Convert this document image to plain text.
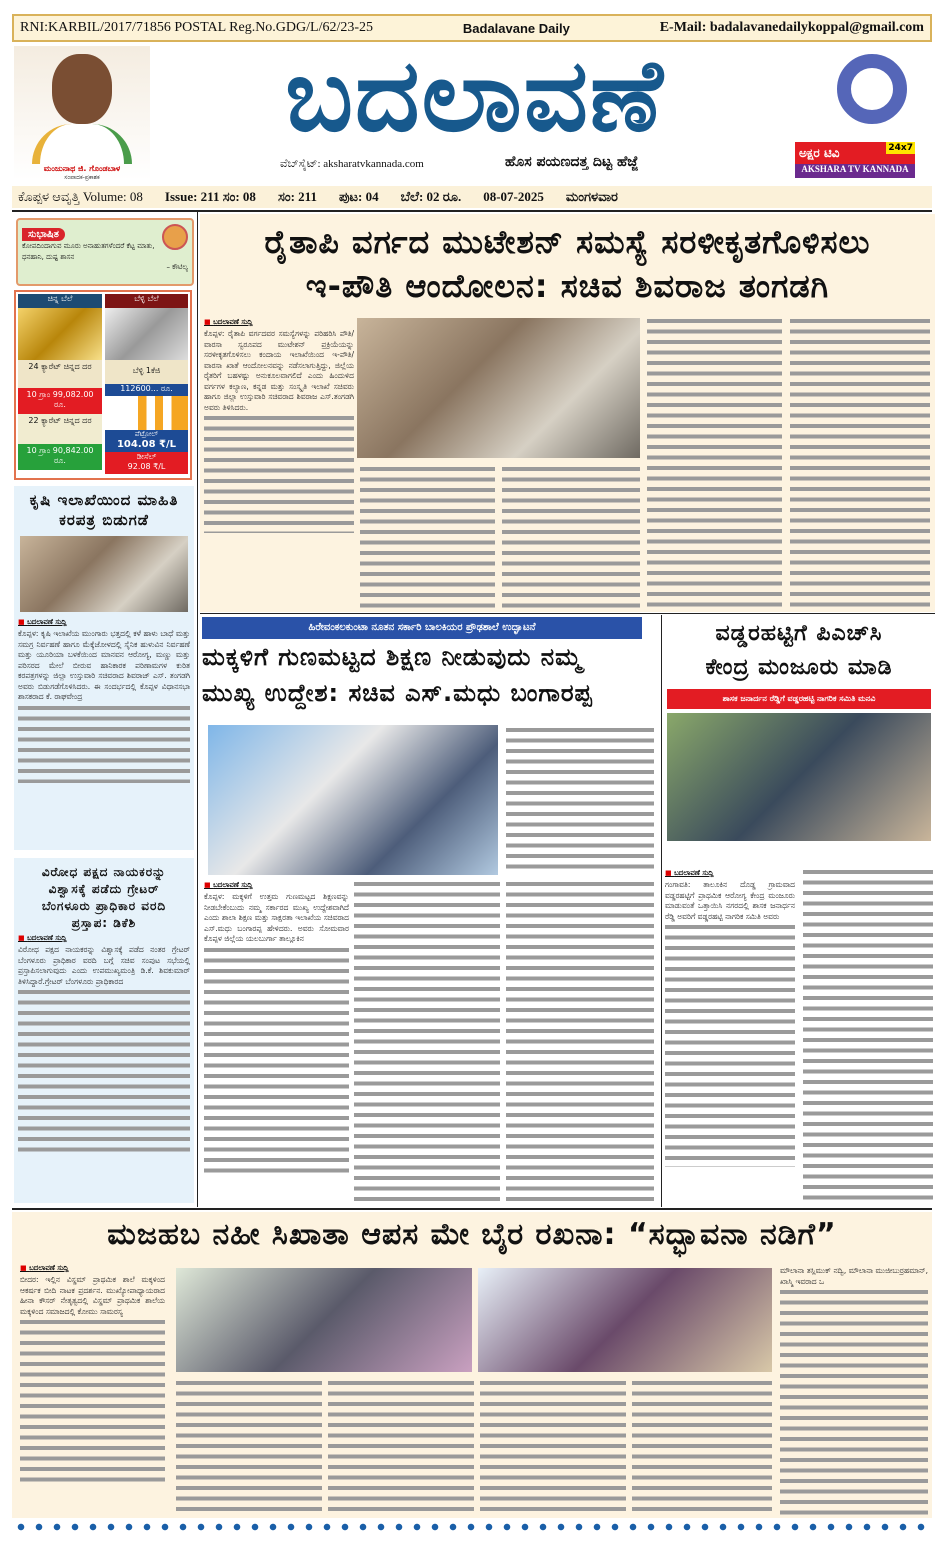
RNI:KARBIL/2017/71856 POSTAL Reg.No.GDG/L/62/23-25	Badalavane Daily	E-Mail: badalavanedailykoppal@gmail.com
ಮಂಜುನಾಥ ಜಿ. ಗೊಂಡಬಾಳ
ಸಂಪಾದಕ-ಪ್ರಕಾಶಕ
ಬದಲಾವಣೆ
ವೆಬ್‌ಸೈಟ್: aksharatvkannada.com	ಹೊಸ ಪಯಣದತ್ತ ದಿಟ್ಟ ಹೆಜ್ಜೆ
ಅಕ್ಷರ ಟಿವಿ	24x7
AKSHARA TV KANNADA
ಕೊಪ್ಪಳ ಆವೃತ್ತಿ Volume: 08 Issue: 211 ಸಂ: 08 ಸಂ: 211 ಪುಟ: 04 ಬೆಲೆ: 02 ರೂ. 08-07-2025 ಮಂಗಳವಾರ
ಸುಭಾಷಿತ
ಕೋಪದಿಂದಾಗುವ ಮೂರು ಅನಾಹುತಗಳೆಂದರೆ ಕೆಟ್ಟ ಮಾತು, ಧನಹಾನಿ, ದುಷ್ಟ ಶಾಸನ
– ಕೌಟಿಲ್ಯ
ಚಿನ್ನ ಬೆಲೆ
24 ಕ್ಯಾರೆಟ್ ಚಿನ್ನದ ದರ
10 ಗ್ರಾಂ 99,082.00 ರೂ.
22 ಕ್ಯಾರೆಟ್ ಚಿನ್ನದ ದರ
10 ಗ್ರಾಂ 90,842.00 ರೂ.
ಬೆಳ್ಳಿ ಬೆಲೆ
ಬೆಳ್ಳಿ 1ಕೆಜಿ
112600... ರೂ.
ಪೆಟ್ರೋಲ್
104.08 ₹/L
ಡೀಸೆಲ್
92.08 ₹/L
ಕೃಷಿ ಇಲಾಖೆಯಿಂದ ಮಾಹಿತಿ ಕರಪತ್ರ ಬಿಡುಗಡೆ
■ ಬದಲಾವಣೆ ಸುದ್ದಿ
ಕೊಪ್ಪಳ: ಕೃಷಿ ಇಲಾಖೆಯ ಮುಂಗಾರು ಭತ್ತದಲ್ಲಿ ಕಳೆ ಹಾಳು ಬಾಧೆ ಮತ್ತು ಸಮಗ್ರ ನಿರ್ವಹಣೆ ಹಾಗೂ ಮೆಕ್ಕೆಜೋಳದಲ್ಲಿ ಸೈನಿಕ ಹುಳುವಿನ ನಿರ್ವಹಣೆ ಮತ್ತು ಯೂರಿಯಾ ಬಳಕೆಯಿಂದ ಮಾನವನ ಆರೋಗ್ಯ, ಮಣ್ಣು ಮತ್ತು ಪರಿಸರದ ಮೇಲೆ ಬೀರುವ ಹಾನಿಕಾರಕ ಪರಿಣಾಮಗಳ ಕುರಿತ ಕರಪತ್ರಗಳನ್ನು ಜಿಲ್ಲಾ ಉಸ್ತುವಾರಿ ಸಚಿವರಾದ ಶಿವರಾಜ್ ಎಸ್. ತಂಗಡಗಿ ಅವರು ಬಿಡುಗಡೆಗೊಳಿಸಿದರು. ಈ ಸಂದರ್ಭದಲ್ಲಿ ಕೊಪ್ಪಳ ವಿಧಾನಸಭಾ ಶಾಸಕರಾದ ಕೆ. ರಾಘವೇಂದ್ರ
ವಿರೋಧ ಪಕ್ಷದ ನಾಯಕರನ್ನು ವಿಶ್ವಾಸಕ್ಕೆ ಪಡೆದು ಗ್ರೇಟರ್ ಬೆಂಗಳೂರು ಪ್ರಾಧಿಕಾರ ವರದಿ ಪ್ರಸ್ತಾಪ: ಡಿಕೆಶಿ
■ ಬದಲಾವಣೆ ಸುದ್ದಿ
ವಿರೋಧ ಪಕ್ಷದ ನಾಯಕರನ್ನು ವಿಶ್ವಾಸಕ್ಕೆ ಪಡೆದ ನಂತರ ಗ್ರೇಟರ್ ಬೆಂಗಳೂರು ಪ್ರಾಧಿಕಾರ ವರದಿ ಬಗ್ಗೆ ಸಚಿವ ಸಂಪುಟ ಸಭೆಯಲ್ಲಿ ಪ್ರಸ್ತಾಪಿಸಲಾಗುವುದು ಎಂದು ಉಪಮುಖ್ಯಮಂತ್ರಿ ಡಿ.ಕೆ. ಶಿವಕುಮಾರ್ ತಿಳಿಸಿದ್ದಾರೆ.ಗ್ರೇಟರ್ ಬೆಂಗಳೂರು ಪ್ರಾಧಿಕಾರದ
ರೈತಾಪಿ ವರ್ಗದ ಮುಟೇಶನ್ ಸಮಸ್ಯೆ ಸರಳೀಕೃತಗೊಳಿಸಲು
ಇ-ಪೌತಿ ಆಂದೋಲನ: ಸಚಿವ ಶಿವರಾಜ ತಂಗಡಗಿ
■ ಬದಲಾವಣೆ ಸುದ್ದಿ
ಕೊಪ್ಪಳ: ರೈತಾಪಿ ವರ್ಗದವರ ಸಮಸ್ಯೆಗಳನ್ನು ಪರಿಹರಿಸಿ ಪೌತಿ/ ವಾರಸಾ ಸ್ವರೂಪದ ಮುಟೇಶನ್ ಪ್ರಕ್ರಿಯೆಯನ್ನು ಸರಳೀಕೃತಗೊಳಿಸಲು ಕಂದಾಯ ಇಲಾಖೆಯಿಂದ ಇ-ಪೌತಿ/ ವಾರಸಾ ಖಾತೆ ಆಂದೋಲನವನ್ನು ನಡೆಸಲಾಗುತ್ತಿದ್ದು, ಜಿಲ್ಲೆಯ ರೈತರಿಗೆ ಬಹಳಷ್ಟು ಅನುಕೂಲವಾಗಲಿದೆ ಎಂದು ಹಿಂದುಳಿದ ವರ್ಗಗಳ ಕಲ್ಯಾಣ, ಕನ್ನಡ ಮತ್ತು ಸಂಸ್ಕೃತಿ ಇಲಾಖೆ ಸಚಿವರು ಹಾಗೂ ಜಿಲ್ಲಾ ಉಸ್ತುವಾರಿ ಸಚಿವರಾದ ಶಿವರಾಜ ಎಸ್.ತಂಗಡಗಿ ಅವರು ತಿಳಿಸಿದರು.
ಹಿರೇವಂಕಲಕುಂಟಾ ನೂತನ ಸರ್ಕಾರಿ ಬಾಲಕಿಯರ ಪ್ರೌಢಶಾಲೆ ಉದ್ಘಾಟನೆ
ಮಕ್ಕಳಿಗೆ ಗುಣಮಟ್ಟದ ಶಿಕ್ಷಣ ನೀಡುವುದು ನಮ್ಮ
ಮುಖ್ಯ ಉದ್ದೇಶ: ಸಚಿವ ಎಸ್.ಮಧು ಬಂಗಾರಪ್ಪ
■ ಬದಲಾವಣೆ ಸುದ್ದಿ
ಕೊಪ್ಪಳ: ಮಕ್ಕಳಿಗೆ ಉತ್ತಮ ಗುಣಮಟ್ಟದ ಶಿಕ್ಷಣವನ್ನು ನೀಡಬೇಕೆಂಬುದು ನಮ್ಮ ಸರ್ಕಾರದ ಮುಖ್ಯ ಉದ್ದೇಶವಾಗಿದೆ ಎಂದು ಶಾಲಾ ಶಿಕ್ಷಣ ಮತ್ತು ಸಾಕ್ಷರತಾ ಇಲಾಖೆಯ ಸಚಿವರಾದ ಎಸ್.ಮಧು ಬಂಗಾರಪ್ಪ ಹೇಳಿದರು. ಅವರು ಸೋಮವಾರ ಕೊಪ್ಪಳ ಜಿಲ್ಲೆಯ ಯಲಬುರ್ಗಾ ತಾಲ್ಲೂಕಿನ
ವಡ್ಡರಹಟ್ಟಿಗೆ ಪಿಎಚ್‌ಸಿ
ಕೇಂದ್ರ ಮಂಜೂರು ಮಾಡಿ
ಶಾಸಕ ಜನಾರ್ದನ ರೆಡ್ಡಿಗೆ ವಡ್ಡರಹಟ್ಟಿ ನಾಗರಿಕ ಸಮಿತಿ ಮನವಿ
■ ಬದಲಾವಣೆ ಸುದ್ದಿ
ಗಂಗಾವತಿ: ತಾಲೂಕಿನ ದೊಡ್ಡ ಗ್ರಾಮವಾದ ವಡ್ಡರಹಟ್ಟಿಗೆ ಪ್ರಾಥಮಿಕ ಆರೋಗ್ಯ ಕೇಂದ್ರ ಮಂಜೂರು ಮಾಡುವಂತೆ ಒತ್ತಾಯಿಸಿ ನಗರದಲ್ಲಿ ಶಾಸಕ ಜನಾರ್ಧನ ರೆಡ್ಡಿ ಅವರಿಗೆ ವಡ್ಡರಹಟ್ಟಿ ನಾಗರಿಕ ಸಮಿತಿ ಅವರು
ಮಜಹಬ ನಹೀ ಸಿಖಾತಾ ಆಪಸ ಮೇ ಬೈರ ರಖನಾ: “ಸದ್ಭಾವನಾ ನಡಿಗೆ”
■ ಬದಲಾವಣೆ ಸುದ್ದಿ
ಬೀದರ: ಇಲ್ಲಿನ ವಿಸ್ಡಮ್ ಪ್ರಾಥಮಿಕ ಶಾಲೆ ಮಕ್ಕಳಿಂದ ಆಕರ್ಷಕ ಬೀದಿ ನಾಟಕ ಪ್ರದರ್ಶನ. ಮುಖ್ಯೋಪಾಧ್ಯಾಯರಾದ ಹೀನಾ ಕೌಸರ್ ನೇತೃತ್ವದಲ್ಲಿ ವಿಸ್ಡಮ್ ಪ್ರಾಥಮಿಕ ಶಾಲೆಯ ಮಕ್ಕಳಿಂದ ಸಮಾಜದಲ್ಲಿ ಕೋಮು ಸಾಮರಸ್ಯ
ಮೌಲಾನಾ ತಸ್ಲಿಮುಕ್ ನದ್ವಿ, ಮೌಲಾನಾ ಮುಜೀಬುರ್ರಹಮಾನ್, ಖಾಸ್ಮಿ ಇವರಾದ ಒ
